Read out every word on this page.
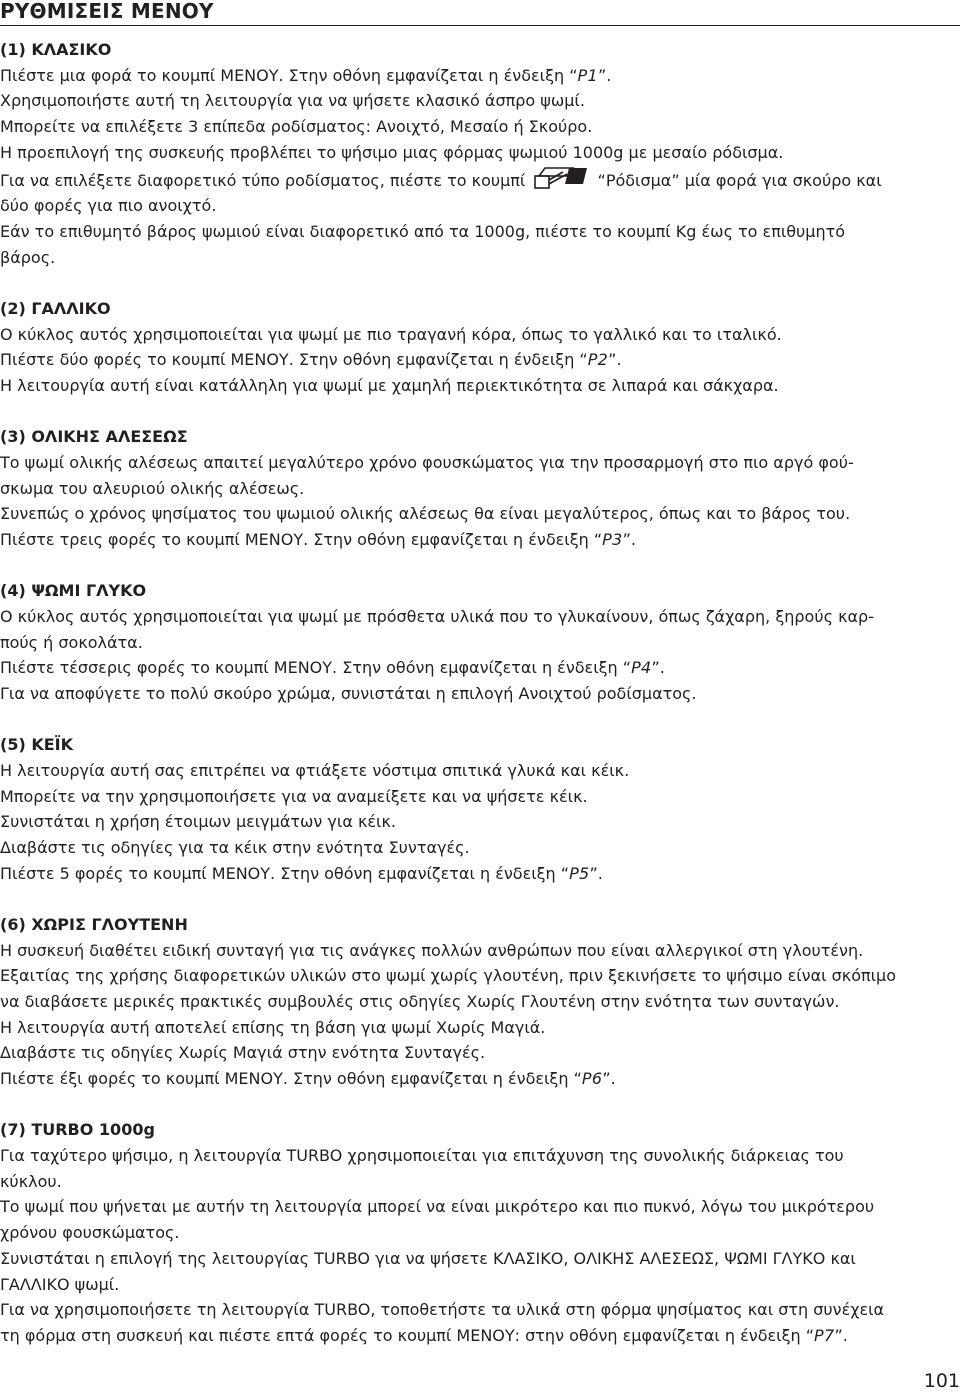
ΡΥΘΜΙΣΕΙΣ ΜΕΝΟΥ

(1) ΚΛΑΣΙΚΟ

Πιέστε μια φορά το κουμπί ΜΕΝΟΥ. Στην οθόνη εμφανίζεται η ένδειξη “P1”.

Χρησιμοποιήστε αυτή τη λειτουργία για να ψήσετε κλασικό άσπρο ψωμί.

Μπορείτε να επιλέξετε 3 επίπεδα ροδίσματος: Ανοιχτό, Μεσαίο ή Σκούρο.

Η προεπιλογή της συσκευής προβλέπει το ψήσιμο μιας φόρμας ψωμιού 1000g με μεσαίο ρόδισμα.

Για να επιλέξετε διαφορετικό τύπο ροδίσματος, πιέστε το κουμπί	“Ρόδισμα” μία φορά για σκούρο και

δύο φορές για πιο ανοιχτό.

Εάν το επιθυμητό βάρος ψωμιού είναι διαφορετικό από τα 1000g, πιέστε το κουμπί Kg έως το επιθυμητό

βάρος.

(2) ΓΑΛΛΙΚΟ

Ο κύκλος αυτός χρησιμοποιείται για ψωμί με πιο τραγανή κόρα, όπως το γαλλικό και το ιταλικό.

Πιέστε δύο φορές το κουμπί ΜΕΝΟΥ. Στην οθόνη εμφανίζεται η ένδειξη “P2”.

Η λειτουργία αυτή είναι κατάλληλη για ψωμί με χαμηλή περιεκτικότητα σε λιπαρά και σάκχαρα.

(3) ΟΛΙΚΗΣ ΑΛΕΣΕΩΣ

Το ψωμί ολικής αλέσεως απαιτεί μεγαλύτερο χρόνο φουσκώματος για την προσαρμογή στο πιο αργό φού-

σκωμα του αλευριού ολικής αλέσεως.

Συνεπώς ο χρόνος ψησίματος του ψωμιού ολικής αλέσεως θα είναι μεγαλύτερος, όπως και το βάρος του.

Πιέστε τρεις φορές το κουμπί ΜΕΝΟΥ. Στην οθόνη εμφανίζεται η ένδειξη “P3”.

(4) ΨΩΜΙ ΓΛΥΚΟ

Ο κύκλος αυτός χρησιμοποιείται για ψωμί με πρόσθετα υλικά που το γλυκαίνουν, όπως ζάχαρη, ξηρούς καρ-

πούς ή σοκολάτα.

Πιέστε τέσσερις φορές το κουμπί ΜΕΝΟΥ. Στην οθόνη εμφανίζεται η ένδειξη “P4”.

Για να αποφύγετε το πολύ σκούρο χρώμα, συνιστάται η επιλογή Ανοιχτού ροδίσματος.

(5) ΚΕΪΚ

Η λειτουργία αυτή σας επιτρέπει να φτιάξετε νόστιμα σπιτικά γλυκά και κέικ.

Μπορείτε να την χρησιμοποιήσετε για να αναμείξετε και να ψήσετε κέικ.

Συνιστάται η χρήση έτοιμων μειγμάτων για κέικ.

Διαβάστε τις οδηγίες για τα κέικ στην ενότητα Συνταγές.

Πιέστε 5 φορές το κουμπί ΜΕΝΟΥ. Στην οθόνη εμφανίζεται η ένδειξη “P5”.

(6) ΧΩΡΙΣ ΓΛΟΥΤΕΝΗ

Η συσκευή διαθέτει ειδική συνταγή για τις ανάγκες πολλών ανθρώπων που είναι αλλεργικοί στη γλουτένη.

Εξαιτίας της χρήσης διαφορετικών υλικών στο ψωμί χωρίς γλουτένη, πριν ξεκινήσετε το ψήσιμο είναι σκόπιμο

να διαβάσετε μερικές πρακτικές συμβουλές στις οδηγίες Χωρίς Γλουτένη στην ενότητα των συνταγών.

Η λειτουργία αυτή αποτελεί επίσης τη βάση για ψωμί Χωρίς Μαγιά.

Διαβάστε τις οδηγίες Χωρίς Μαγιά στην ενότητα Συνταγές.

Πιέστε έξι φορές το κουμπί ΜΕΝΟΥ. Στην οθόνη εμφανίζεται η ένδειξη “P6”.

(7) TURBO 1000g

Για ταχύτερο ψήσιμο, η λειτουργία TURBO χρησιμοποιείται για επιτάχυνση της συνολικής διάρκειας του

κύκλου.

Το ψωμί που ψήνεται με αυτήν τη λειτουργία μπορεί να είναι μικρότερο και πιο πυκνό, λόγω του μικρότερου

χρόνου φουσκώματος.

Συνιστάται η επιλογή της λειτουργίας TURBO για να ψήσετε ΚΛΑΣΙΚΟ, ΟΛΙΚΗΣ ΑΛΕΣΕΩΣ, ΨΩΜΙ ΓΛΥΚΟ και

ΓΑΛΛΙΚΟ ψωμί.

Για να χρησιμοποιήσετε τη λειτουργία TURBO, τοποθετήστε τα υλικά στη φόρμα ψησίματος και στη συνέχεια

τη φόρμα στη συσκευή και πιέστε επτά φορές το κουμπί ΜΕΝΟΥ: στην οθόνη εμφανίζεται η ένδειξη “P7”.

101
